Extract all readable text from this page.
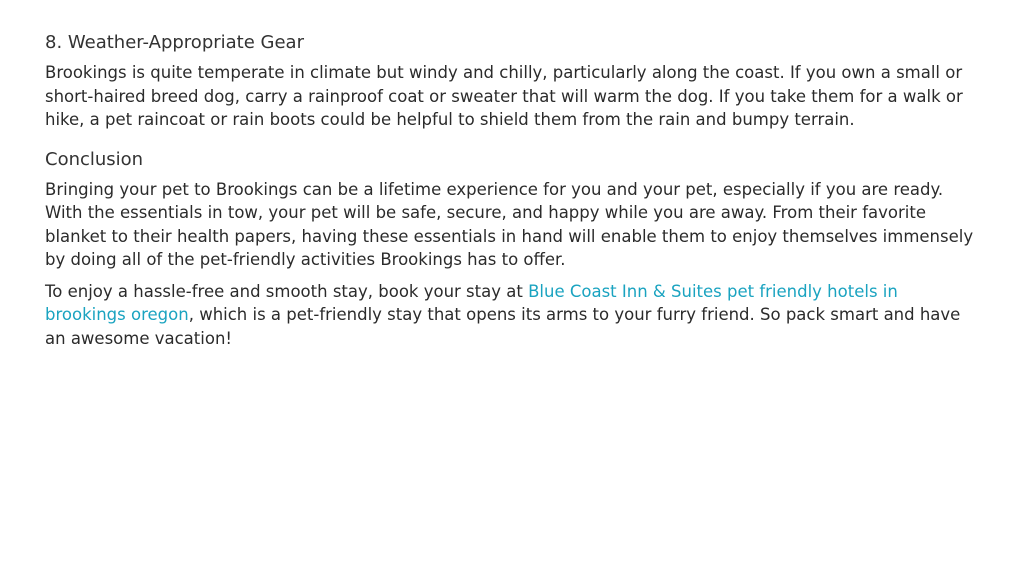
8. Weather-Appropriate Gear

Brookings is quite temperate in climate but windy and chilly, particularly along the coast. If you own a small or short-haired breed dog, carry a rainproof coat or sweater that will warm the dog. If you take them for a walk or hike, a pet raincoat or rain boots could be helpful to shield them from the rain and bumpy terrain.

Conclusion

Bringing your pet to Brookings can be a lifetime experience for you and your pet, especially if you are ready. With the essentials in tow, your pet will be safe, secure, and happy while you are away. From their favorite blanket to their health papers, having these essentials in hand will enable them to enjoy themselves immensely by doing all of the pet-friendly activities Brookings has to offer.

To enjoy a hassle-free and smooth stay, book your stay at Blue Coast Inn & Suites pet friendly hotels in brookings oregon, which is a pet-friendly stay that opens its arms to your furry friend. So pack smart and have an awesome vacation!
